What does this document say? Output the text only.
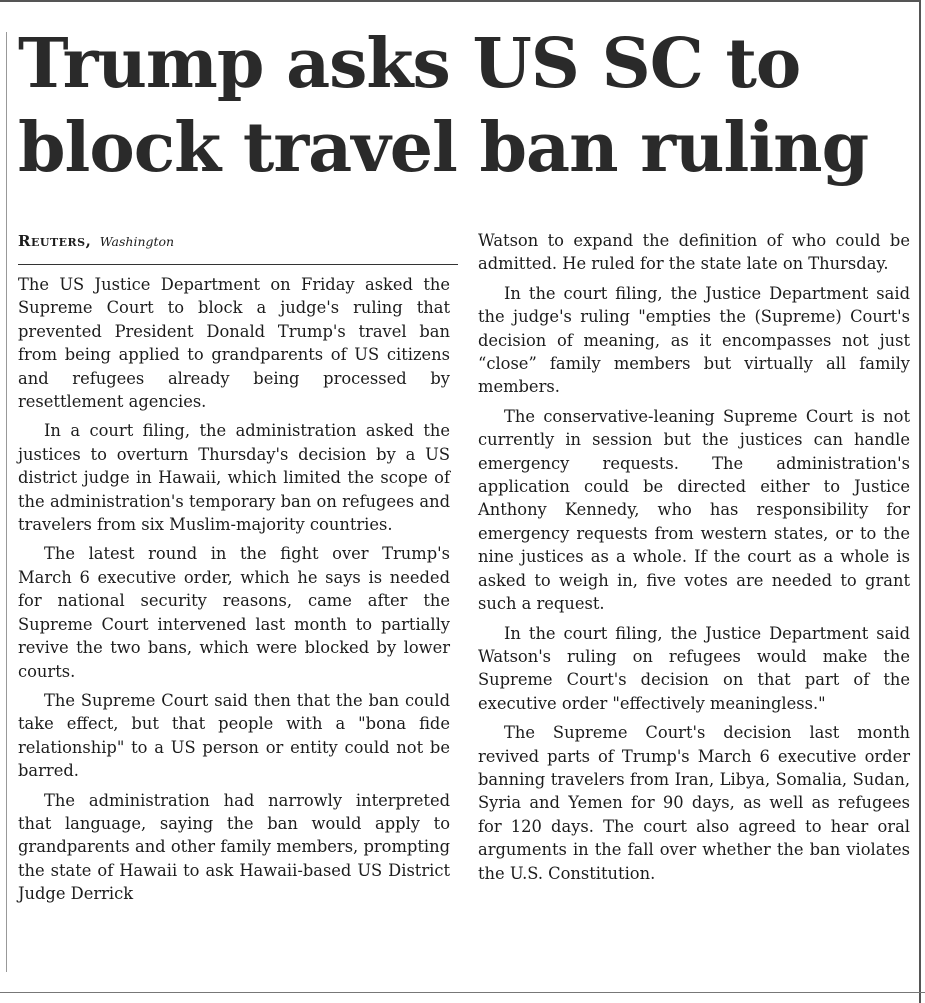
Trump asks US SC to
block travel ban ruling
Reuters, Washington

The US Justice Department on Friday asked the Supreme Court to block a judge's ruling that prevented President Donald Trump's travel ban from being applied to grandparents of US citizens and refugees already being processed by resettlement agencies.

In a court filing, the administration asked the justices to overturn Thursday's decision by a US district judge in Hawaii, which limited the scope of the administration's temporary ban on refugees and travelers from six Muslim-majority countries.

The latest round in the fight over Trump's March 6 executive order, which he says is needed for national security reasons, came after the Supreme Court intervened last month to partially revive the two bans, which were blocked by lower courts.

The Supreme Court said then that the ban could take effect, but that people with a "bona fide relationship" to a US person or entity could not be barred.

The administration had narrowly interpreted that language, saying the ban would apply to grandparents and other family members, prompting the state of Hawaii to ask Hawaii-based US District Judge Derrick

Watson to expand the definition of who could be admitted. He ruled for the state late on Thursday.

In the court filing, the Justice Department said the judge's ruling "empties the (Supreme) Court's decision of meaning, as it encompasses not just “close” family members but virtually all family members.

The conservative-leaning Supreme Court is not currently in session but the justices can handle emergency requests. The administration's application could be directed either to Justice Anthony Kennedy, who has responsibility for emergency requests from western states, or to the nine justices as a whole. If the court as a whole is asked to weigh in, five votes are needed to grant such a request.

In the court filing, the Justice Department said Watson's ruling on refugees would make the Supreme Court's decision on that part of the executive order "effectively meaningless."

The Supreme Court's decision last month revived parts of Trump's March 6 executive order banning travelers from Iran, Libya, Somalia, Sudan, Syria and Yemen for 90 days, as well as refugees for 120 days. The court also agreed to hear oral arguments in the fall over whether the ban violates the U.S. Constitution.
